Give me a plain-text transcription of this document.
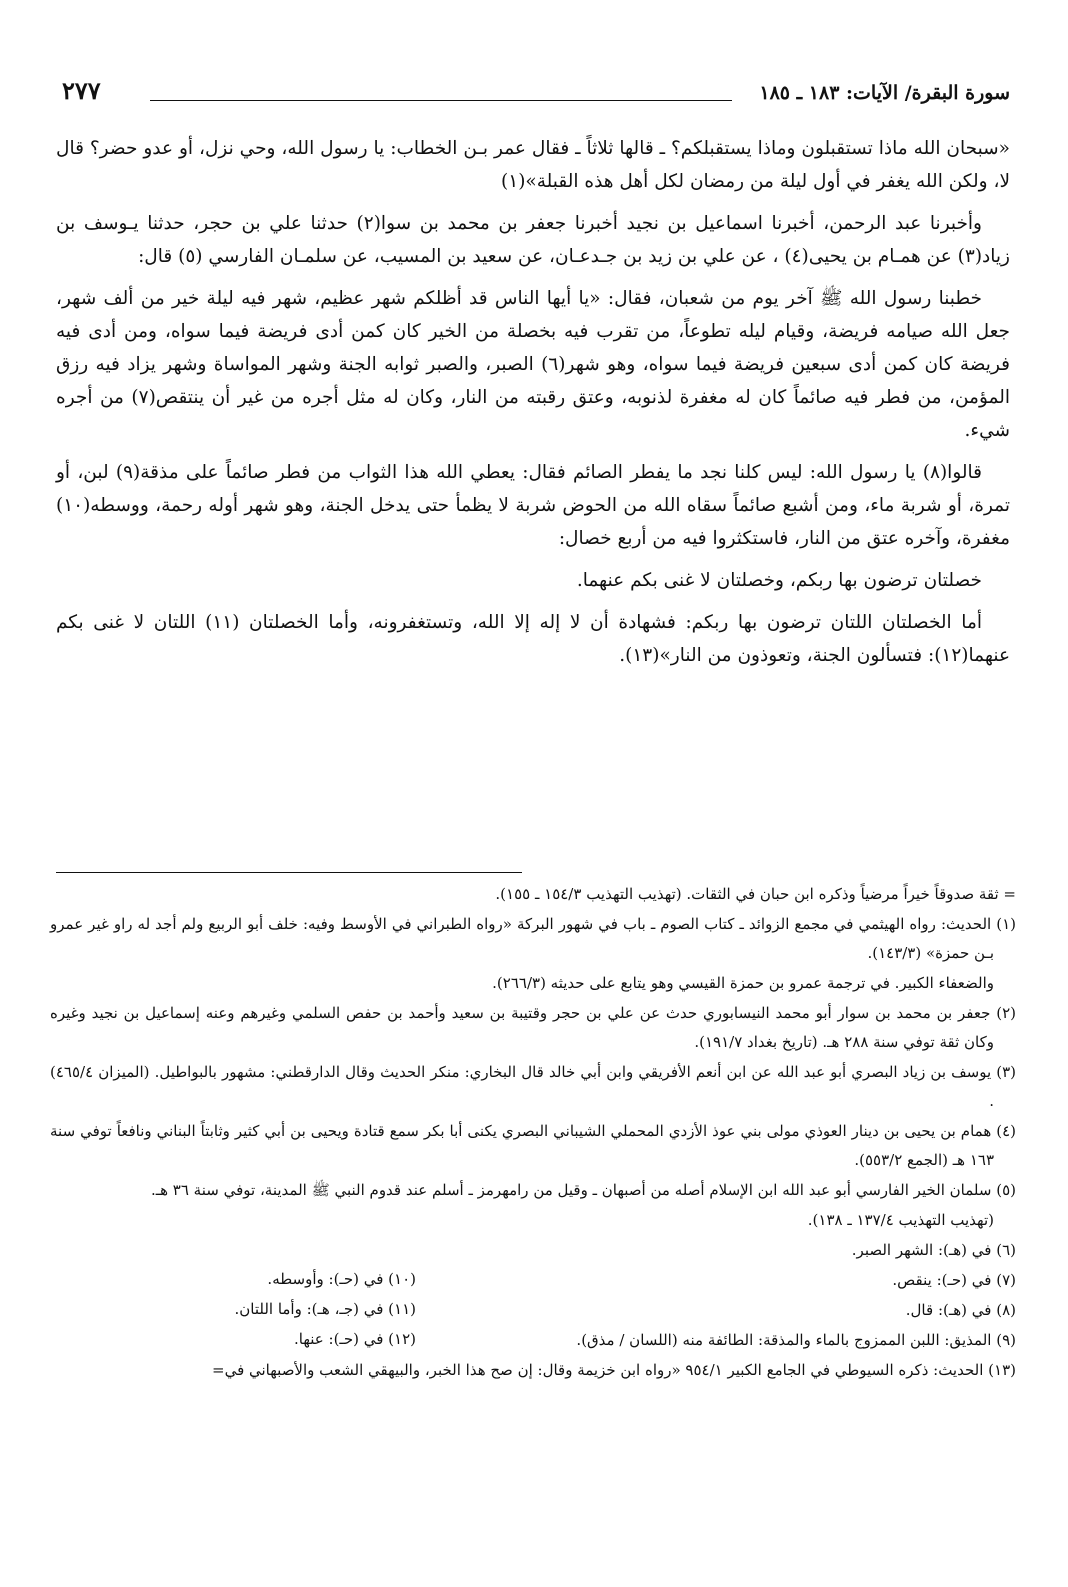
سورة البقرة/ الآيات: ١٨٣ ـ ١٨٥
٢٧٧

«سبحان الله ماذا تستقبلون وماذا يستقبلكم؟ ـ قالها ثلاثاً ـ فقال عمر بـن الخطاب: يا رسول الله، وحي نزل، أو عدو حضر؟ قال لا، ولكن الله يغفر في أول ليلة من رمضان لكل أهل هذه القبلة»(١)

وأخبرنا عبد الرحمن، أخبرنا اسماعيل بن نجيد أخبرنا جعفر بن محمد بن سوا(٢) حدثنا علي بن حجر، حدثنا يـوسف بن زياد(٣) عن همـام بن يحيى(٤) ، عن علي بن زيد بن جـدعـان، عن سعيد بن المسيب، عن سلمـان الفارسي (٥) قال:

خطبنا رسول الله ﷺ آخر يوم من شعبان، فقال: «يا أيها الناس قد أظلكم شهر عظيم، شهر فيه ليلة خير من ألف شهر، جعل الله صيامه فريضة، وقيام ليله تطوعاً، من تقرب فيه بخصلة من الخير كان كمن أدى فريضة فيما سواه، ومن أدى فيه فريضة كان كمن أدى سبعين فريضة فيما سواه، وهو شهر(٦) الصبر، والصبر ثوابه الجنة وشهر المواساة وشهر يزاد فيه رزق المؤمن، من فطر فيه صائماً كان له مغفرة لذنوبه، وعتق رقبته من النار، وكان له مثل أجره من غير أن ينتقص(٧) من أجره شيء.

قالوا(٨) يا رسول الله: ليس كلنا نجد ما يفطر الصائم فقال: يعطي الله هذا الثواب من فطر صائماً على مذقة(٩) لبن، أو تمرة، أو شربة ماء، ومن أشبع صائماً سقاه الله من الحوض شربة لا يظمأ حتى يدخل الجنة، وهو شهر أوله رحمة، ووسطه(١٠) مغفرة، وآخره عتق من النار، فاستكثروا فيه من أربع خصال:

خصلتان ترضون بها ربكم، وخصلتان لا غنى بكم عنهما.

أما الخصلتان اللتان ترضون بها ربكم: فشهادة أن لا إله إلا الله، وتستغفرونه، وأما الخصلتان (١١) اللتان لا غنى بكم عنهما(١٢): فتسألون الجنة، وتعوذون من النار»(١٣).

= ثقة صدوقاً خيراً مرضياً وذكره ابن حبان في الثقات. (تهذيب التهذيب ١٥٤/٣ ـ ١٥٥).
(١) الحديث: رواه الهيثمي في مجمع الزوائد ـ كتاب الصوم ـ باب في شهور البركة «رواه الطبراني في الأوسط وفيه: خلف أبو الربيع ولم أجد له راو غير عمرو بـن حمزة» (١٤٣/٣).
والضعفاء الكبير. في ترجمة عمرو بن حمزة القيسي وهو يتابع على حديثه (٢٦٦/٣).
(٢) جعفر بن محمد بن سوار أبو محمد النيسابوري حدث عن علي بن حجر وقتيبة بن سعيد وأحمد بن حفص السلمي وغيرهم وعنه إسماعيل بن نجيد وغيره وكان ثقة توفي سنة ٢٨٨ هـ. (تاريخ بغداد ١٩١/٧).
(٣) يوسف بن زياد البصري أبو عبد الله عن ابن أنعم الأفريقي وابن أبي خالد قال البخاري: منكر الحديث وقال الدارقطني: مشهور بالبواطيل. (الميزان ٤٦٥/٤) .
(٤) همام بن يحيى بن دينار العوذي مولى بني عوذ الأزدي المحملي الشيباني البصري يكنى أبا بكر سمع قتادة ويحيى بن أبي كثير وثابتاً البناني ونافعاً توفي سنة ١٦٣ هـ (الجمع ٥٥٣/٢).
(٥) سلمان الخير الفارسي أبو عبد الله ابن الإسلام أصله من أصبهان ـ وقيل من رامهرمز ـ أسلم عند قدوم النبي ﷺ المدينة، توفي سنة ٣٦ هـ.
(تهذيب التهذيب ١٣٧/٤ ـ ١٣٨).
(٦) في (هـ): الشهر الصبر.
(٧) في (حـ): ينقص.
(٨) في (هـ): قال.
(٩) المذيق: اللبن الممزوج بالماء والمذقة: الطائفة منه (اللسان / مذق).
(١٠) في (حـ): وأوسطه.
(١١) في (جـ، هـ): وأما اللتان.
(١٢) في (حـ): عنها.
(١٣) الحديث: ذكره السيوطي في الجامع الكبير ٩٥٤/١ «رواه ابن خزيمة وقال: إن صح هذا الخبر، والبيهقي الشعب والأصبهاني في=
